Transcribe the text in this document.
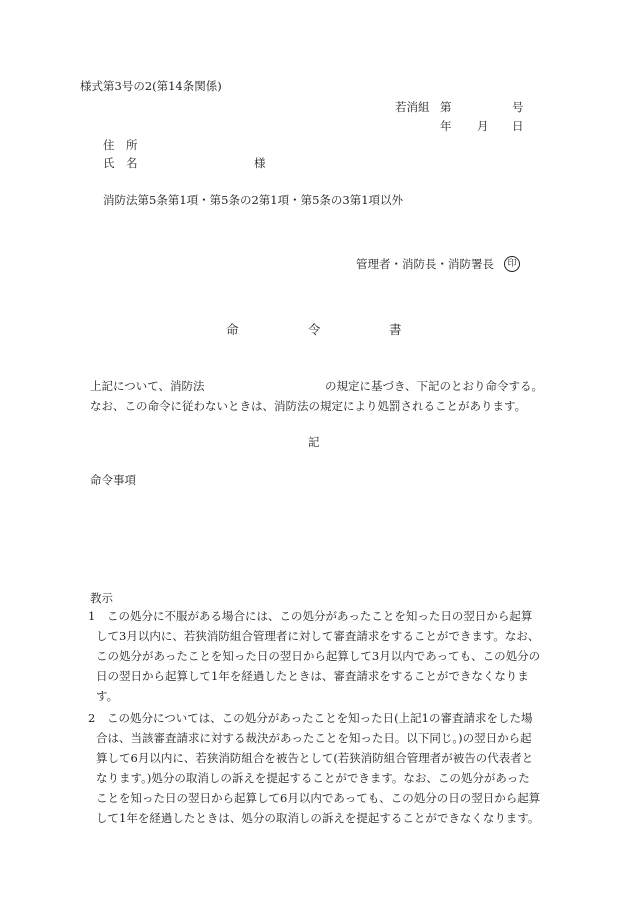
様式第3号の2(第14条関係)
若消組 第	号
年 月 日
住　所
氏　名	様
消防法第5条第1項・第5条の2第1項・第5条の3第1項以外
管理者・消防長・消防署長	印
命	令	書
上記について、消防法	の規定に基づき、下記のとおり命令する。
なお、この命令に従わないときは、消防法の規定により処罰されることがあります。
記
命令事項
教示
1 この処分に不服がある場合には、この処分があったことを知った日の翌日から起算
して3月以内に、若狭消防組合管理者に対して審査請求をすることができます。なお、
この処分があったことを知った日の翌日から起算して3月以内であっても、この処分の
日の翌日から起算して1年を経過したときは、審査請求をすることができなくなりま
す。
2 この処分については、この処分があったことを知った日(上記1の審査請求をした場
合は、当該審査請求に対する裁決があったことを知った日。以下同じ。)の翌日から起
算して6月以内に、若狭消防組合を被告として(若狭消防組合管理者が被告の代表者と
なります。)処分の取消しの訴えを提起することができます。なお、この処分があった
ことを知った日の翌日から起算して6月以内であっても、この処分の日の翌日から起算
して1年を経過したときは、処分の取消しの訴えを提起することができなくなります。
